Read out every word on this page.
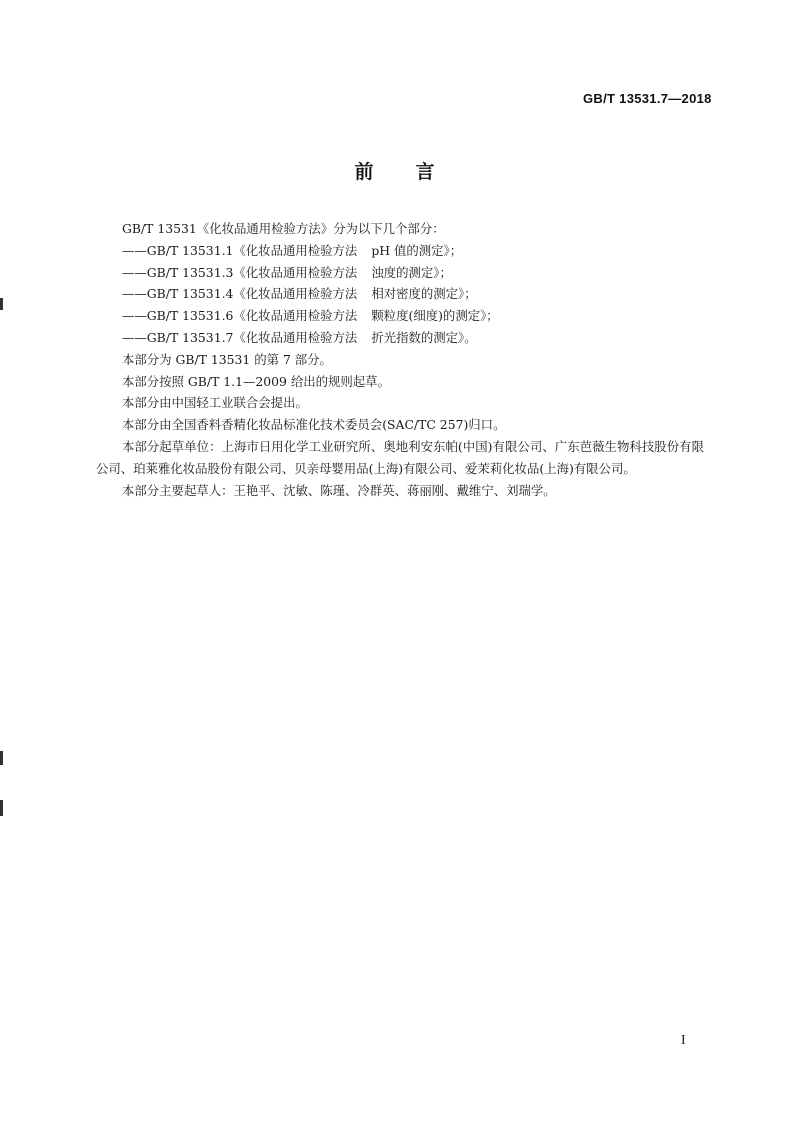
GB/T 13531.7—2018
前言

GB/T 13531《化妆品通用检验方法》分为以下几个部分：

——GB/T 13531.1《化妆品通用检验方法 pH 值的测定》；

——GB/T 13531.3《化妆品通用检验方法 浊度的测定》；

——GB/T 13531.4《化妆品通用检验方法 相对密度的测定》；

——GB/T 13531.6《化妆品通用检验方法 颗粒度(细度)的测定》；

——GB/T 13531.7《化妆品通用检验方法 折光指数的测定》。

本部分为 GB/T 13531 的第 7 部分。

本部分按照 GB/T 1.1—2009 给出的规则起草。

本部分由中国轻工业联合会提出。

本部分由全国香料香精化妆品标准化技术委员会(SAC/TC 257)归口。

本部分起草单位：上海市日用化学工业研究所、奥地利安东帕(中国)有限公司、广东芭薇生物科技股份有限公司、珀莱雅化妆品股份有限公司、贝亲母婴用品(上海)有限公司、爱茉莉化妆品(上海)有限公司。

本部分主要起草人：王艳平、沈敏、陈瑾、冷群英、蒋丽刚、戴维宁、刘瑞学。

I
